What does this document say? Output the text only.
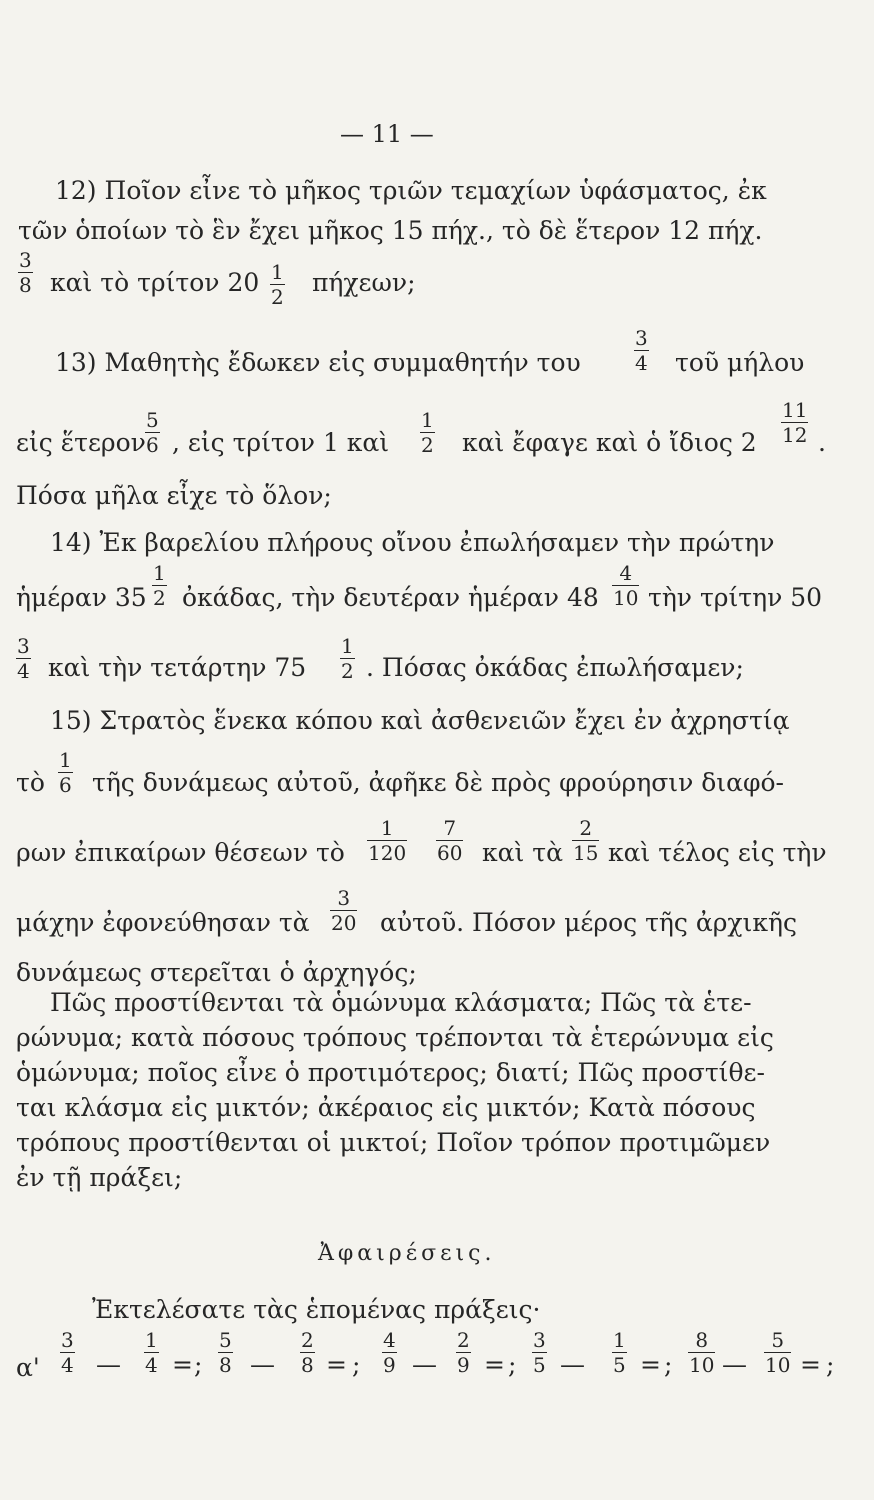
— 11 —
12) Ποῖον εἶνε τὸ μῆκος τριῶν τεμαχίων ὑφάσματος, ἐκ
τῶν ὁποίων τὸ ἓν ἔχει μῆκος 15 πήχ., τὸ δὲ ἕτερον 12 πήχ.
3
8 καὶ τὸ τρίτον 20 1
2 πήχεων;
13) Μαθητὴς ἔδωκεν εἰς συμμαθητήν του
3
4 τοῦ μήλου
εἰς ἕτερον
5
6 , εἰς τρίτον 1 καὶ
1
2 καὶ ἔφαγε καὶ ὁ ἴδιος 2
11
12 .
Πόσα μῆλα εἶχε τὸ ὅλον;
14) Ἐκ βαρελίου πλήρους οἴνου ἐπωλήσαμεν τὴν πρώτην
ἡμέραν 35
1
2 ὀκάδας, τὴν δευτέραν ἡμέραν 48
4
10 τὴν τρίτην 50
3
4 καὶ τὴν τετάρτην 75
1
2 . Πόσας ὀκάδας ἐπωλήσαμεν;
15) Στρατὸς ἕνεκα κόπου καὶ ἀσθενειῶν ἔχει ἐν ἀχρηστίᾳ
τὸ
1
6 τῆς δυνάμεως αὐτοῦ, ἀφῆκε δὲ πρὸς φρούρησιν διαφό-
ρων ἐπικαίρων θέσεων τὸ
1
120
7
60 καὶ τὰ
2
15 καὶ τέλος εἰς τὴν
μάχην ἐφονεύθησαν τὰ
3
20 αὐτοῦ. Πόσον μέρος τῆς ἀρχικῆς
δυνάμεως στερεῖται ὁ ἀρχηγός;
Πῶς προστίθενται τὰ ὁμώνυμα κλάσματα; Πῶς τὰ ἑτε-
ρώνυμα; κατὰ πόσους τρόπους τρέπονται τὰ ἑτερώνυμα εἰς
ὁμώνυμα; ποῖος εἶνε ὁ προτιμότερος; διατί; Πῶς προστίθε-
ται κλάσμα εἰς μικτόν; ἀκέραιος εἰς μικτόν; Κατὰ πόσους
τρόπους προστίθενται οἱ μικτοί; Ποῖον τρόπον προτιμῶμεν
ἐν τῇ πράξει;
Ἀφαιρέσεις.
Ἐκτελέσατε τὰς ἑπομένας πράξεις·
α'
3
4 —
1
4 = ;
5
8 —
2
8 = ;
4
9 —
2
9 = ;
3
5 —
1
5 = ;
8
10 —
5
10 = ;
